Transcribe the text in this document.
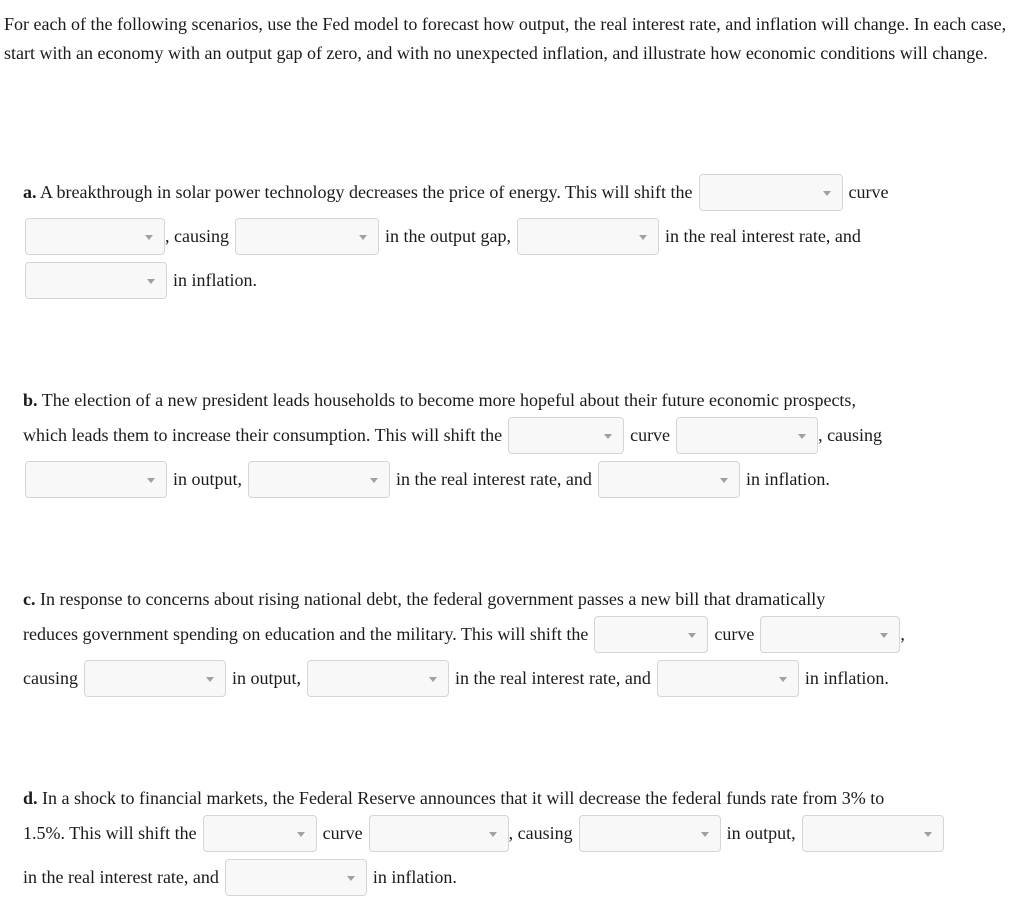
For each of the following scenarios, use the Fed model to forecast how output, the real interest rate, and inflation will change. In each case, start with an economy with an output gap of zero, and with no unexpected inflation, and illustrate how economic conditions will change.
a. A breakthrough in solar power technology decreases the price of energy. This will shift the	curve
, causing	in the output gap,	in the real interest rate, and
in inflation.
b. The election of a new president leads households to become more hopeful about their future economic prospects,
which leads them to increase their consumption. This will shift the	curve	, causing
in output,	in the real interest rate, and	in inflation.
c. In response to concerns about rising national debt, the federal government passes a new bill that dramatically
reduces government spending on education and the military. This will shift the	curve	,
causing	in output,	in the real interest rate, and	in inflation.
d. In a shock to financial markets, the Federal Reserve announces that it will decrease the federal funds rate from 3% to
1.5%. This will shift the	curve	, causing	in output,
in the real interest rate, and	in inflation.
